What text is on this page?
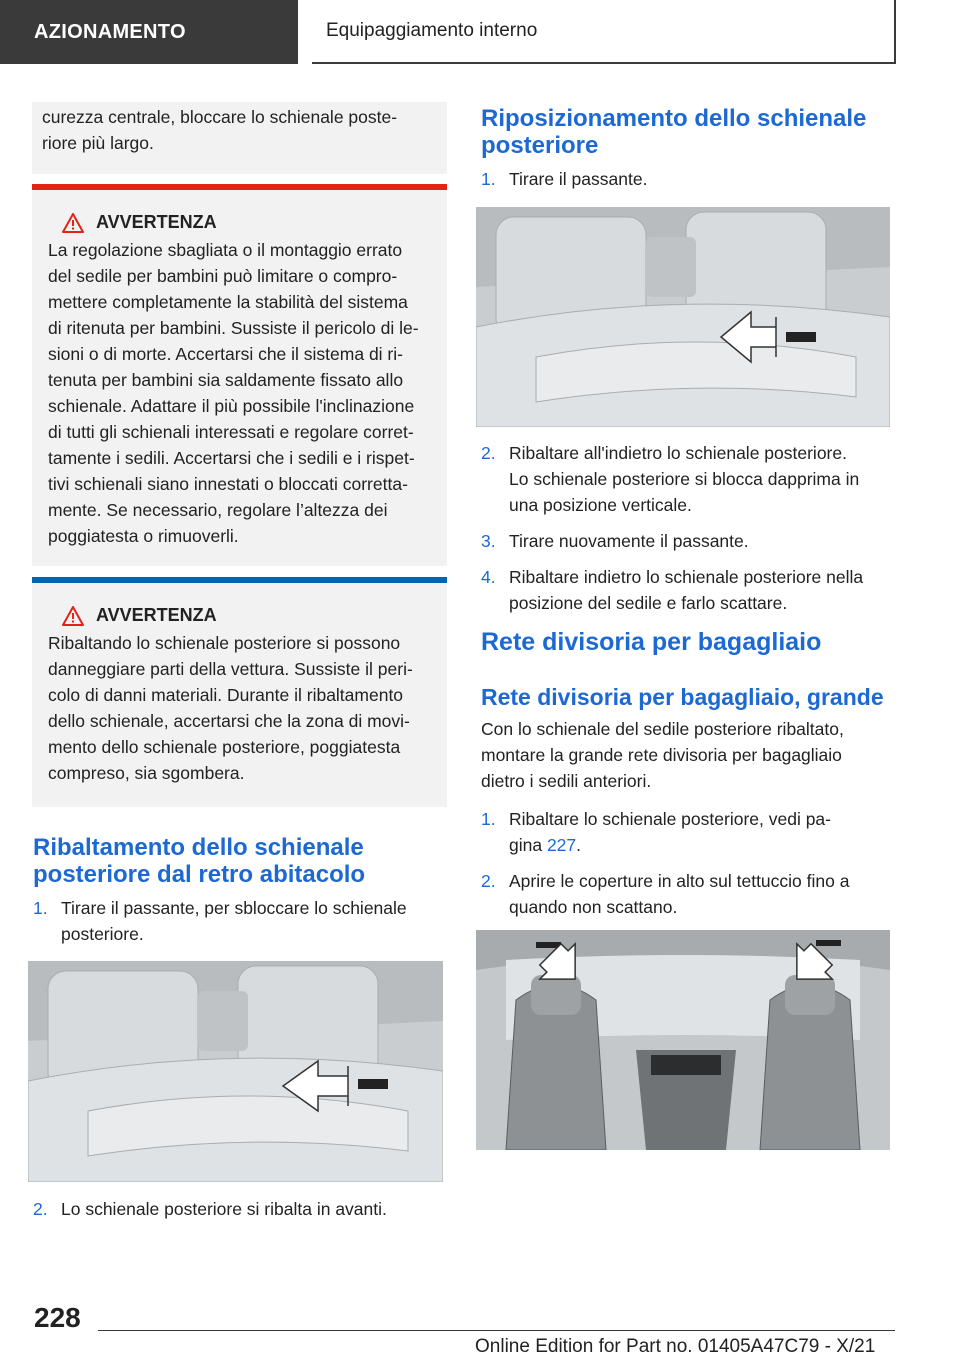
AZIONAMENTO	Equipaggiamento interno

curezza centrale, bloccare lo schienale poste-

riore più largo.

AVVERTENZA

La regolazione sbagliata o il montaggio errato

del sedile per bambini può limitare o compro-

mettere completamente la stabilità del sistema

di ritenuta per bambini. Sussiste il pericolo di le-

sioni o di morte. Accertarsi che il sistema di ri-

tenuta per bambini sia saldamente fissato allo

schienale. Adattare il più possibile l'inclinazione

di tutti gli schienali interessati e regolare corret-

tamente i sedili. Accertarsi che i sedili e i rispet-

tivi schienali siano innestati o bloccati corretta-

mente. Se necessario, regolare l’altezza dei

poggiatesta o rimuoverli.

AVVERTENZA

Ribaltando lo schienale posteriore si possono

danneggiare parti della vettura. Sussiste il peri-

colo di danni materiali. Durante il ribaltamento

dello schienale, accertarsi che la zona di movi-

mento dello schienale posteriore, poggiatesta

compreso, sia sgombera.

Ribaltamento dello schienale
posteriore dal retro abitacolo
1. Tirare il passante, per sbloccare lo schienale
posteriore.
2. Lo schienale posteriore si ribalta in avanti.
Riposizionamento dello schienale
posteriore
1. Tirare il passante.
2. Ribaltare all'indietro lo schienale posteriore.
Lo schienale posteriore si blocca dapprima in
una posizione verticale.
3. Tirare nuovamente il passante.
4. Ribaltare indietro lo schienale posteriore nella
posizione del sedile e farlo scattare.
Rete divisoria per bagagliaio
Rete divisoria per bagagliaio, grande

Con lo schienale del sedile posteriore ribaltato,

montare la grande rete divisoria per bagagliaio

dietro i sedili anteriori.

1. Ribaltare lo schienale posteriore, vedi pa-
gina 227.
2. Aprire le coperture in alto sul tettuccio fino a
quando non scattano.
228
Online Edition for Part no. 01405A47C79 - X/21
